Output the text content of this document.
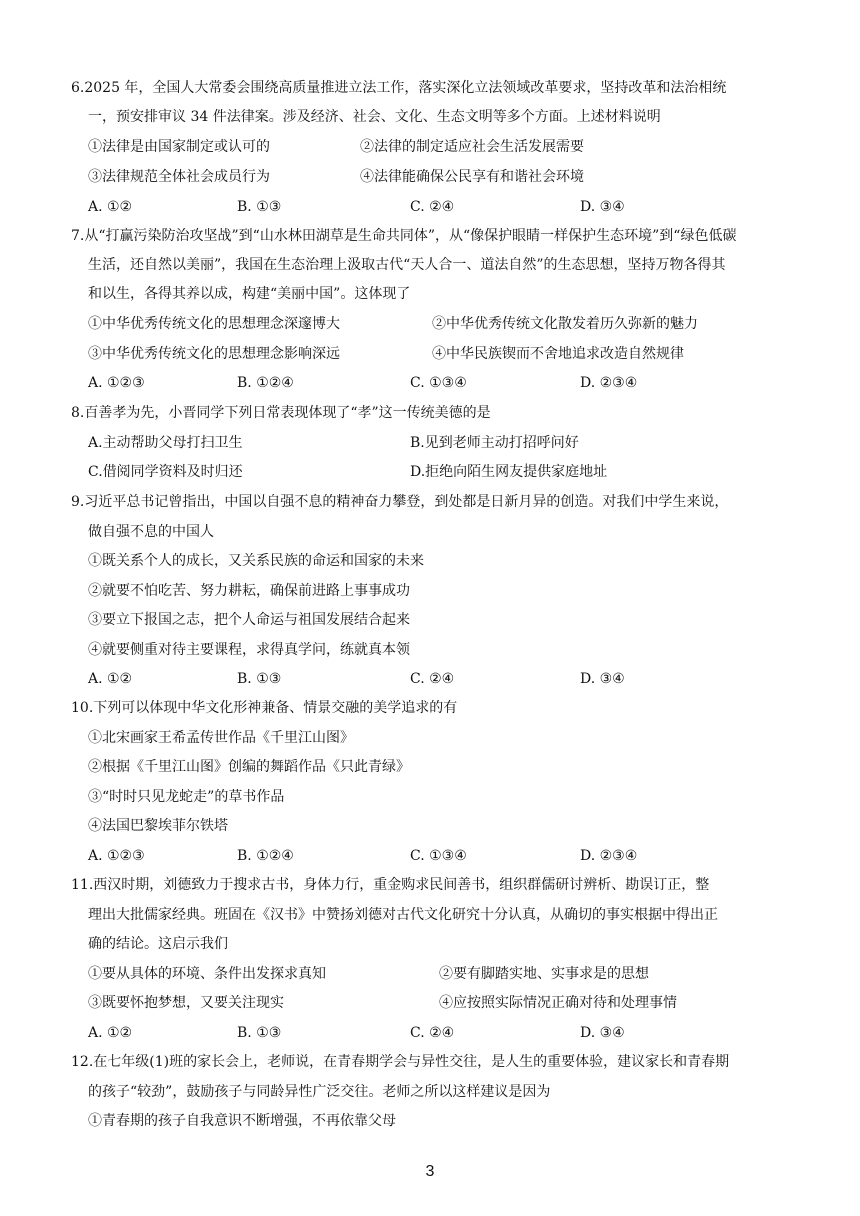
6.2025 年，全国人大常委会围绕高质量推进立法工作，落实深化立法领域改革要求，坚持改革和法治相统
一，预安排审议 34 件法律案。涉及经济、社会、文化、生态文明等多个方面。上述材料说明
①法律是由国家制定或认可的	②法律的制定适应社会生活发展需要
③法律规范全体社会成员行为	④法律能确保公民享有和谐社会环境
A. ①②	B. ①③	C. ②④	D. ③④
7.从“打赢污染防治攻坚战”到“山水林田湖草是生命共同体”，从“像保护眼睛一样保护生态环境”到“绿色低碳
生活，还自然以美丽”，我国在生态治理上汲取古代“天人合一、道法自然”的生态思想，坚持万物各得其
和以生，各得其养以成，构建“美丽中国”。这体现了
①中华优秀传统文化的思想理念深邃博大	②中华优秀传统文化散发着历久弥新的魅力
③中华优秀传统文化的思想理念影响深远	④中华民族锲而不舍地追求改造自然规律
A. ①②③	B. ①②④	C. ①③④	D. ②③④
8.百善孝为先，小晋同学下列日常表现体现了“孝”这一传统美德的是
A.主动帮助父母打扫卫生	B.见到老师主动打招呼问好
C.借阅同学资料及时归还	D.拒绝向陌生网友提供家庭地址
9.习近平总书记曾指出，中国以自强不息的精神奋力攀登，到处都是日新月异的创造。对我们中学生来说，
做自强不息的中国人
①既关系个人的成长，又关系民族的命运和国家的未来
②就要不怕吃苦、努力耕耘，确保前进路上事事成功
③要立下报国之志，把个人命运与祖国发展结合起来
④就要侧重对待主要课程，求得真学问，练就真本领
A. ①②	B. ①③	C. ②④	D. ③④
10.下列可以体现中华文化形神兼备、情景交融的美学追求的有
①北宋画家王希孟传世作品《千里江山图》
②根据《千里江山图》创编的舞蹈作品《只此青绿》
③“时时只见龙蛇走”的草书作品
④法国巴黎埃菲尔铁塔
A. ①②③	B. ①②④	C. ①③④	D. ②③④
11.西汉时期，刘德致力于搜求古书，身体力行，重金购求民间善书，组织群儒研讨辨析、勘误订正，整
理出大批儒家经典。班固在《汉书》中赞扬刘德对古代文化研究十分认真，从确切的事实根据中得出正
确的结论。这启示我们
①要从具体的环境、条件出发探求真知	②要有脚踏实地、实事求是的思想
③既要怀抱梦想，又要关注现实	④应按照实际情况正确对待和处理事情
A. ①②	B. ①③	C. ②④	D. ③④
12.在七年级(1)班的家长会上，老师说，在青春期学会与异性交往，是人生的重要体验，建议家长和青春期
的孩子“较劲”，鼓励孩子与同龄异性广泛交往。老师之所以这样建议是因为
①青春期的孩子自我意识不断增强，不再依靠父母
3
